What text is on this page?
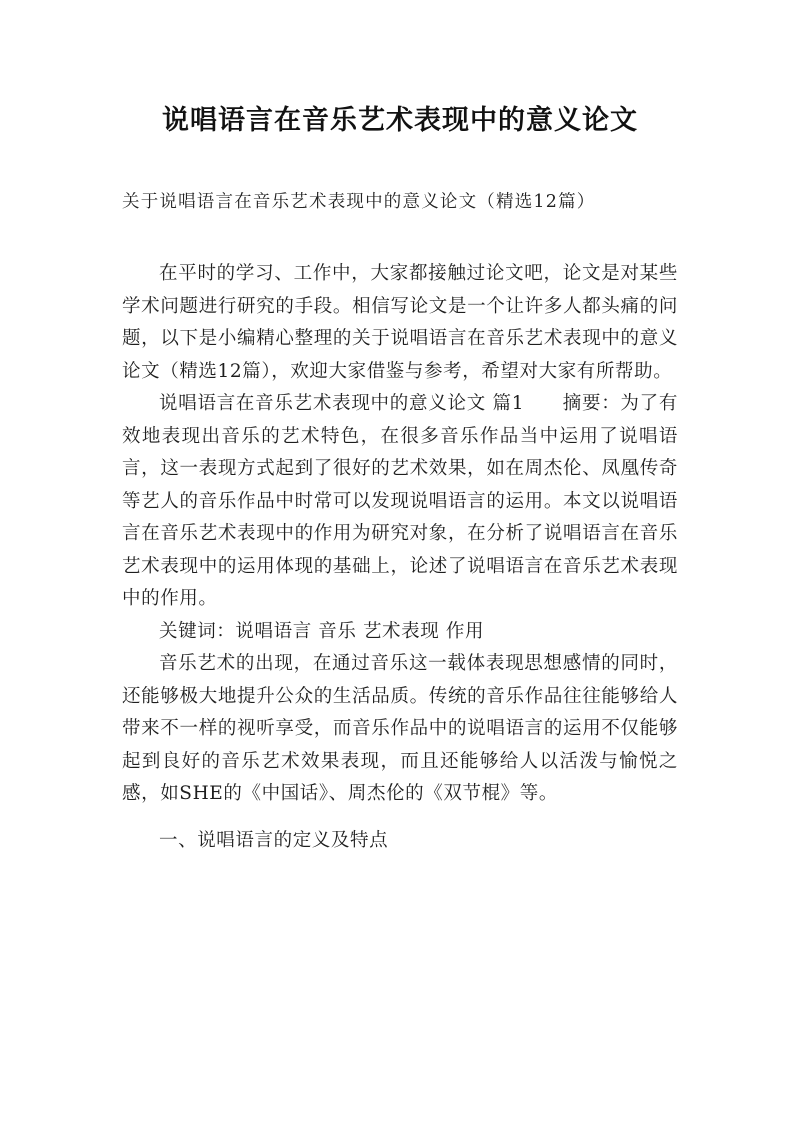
说唱语言在音乐艺术表现中的意义论文
关于说唱语言在音乐艺术表现中的意义论文（精选12篇）

在平时的学习、工作中，大家都接触过论文吧，论文是对某些学术问题进行研究的手段。相信写论文是一个让许多人都头痛的问题，以下是小编精心整理的关于说唱语言在音乐艺术表现中的意义论文（精选12篇），欢迎大家借鉴与参考，希望对大家有所帮助。

说唱语言在音乐艺术表现中的意义论文 篇1　　摘要：为了有效地表现出音乐的艺术特色，在很多音乐作品当中运用了说唱语言，这一表现方式起到了很好的艺术效果，如在周杰伦、凤凰传奇等艺人的音乐作品中时常可以发现说唱语言的运用。本文以说唱语言在音乐艺术表现中的作用为研究对象，在分析了说唱语言在音乐艺术表现中的运用体现的基础上，论述了说唱语言在音乐艺术表现中的作用。

关键词：说唱语言 音乐 艺术表现 作用

音乐艺术的出现，在通过音乐这一载体表现思想感情的同时，还能够极大地提升公众的生活品质。传统的音乐作品往往能够给人带来不一样的视听享受，而音乐作品中的说唱语言的运用不仅能够起到良好的音乐艺术效果表现，而且还能够给人以活泼与愉悦之感，如SHE的《中国话》、周杰伦的《双节棍》等。

一、说唱语言的定义及特点
